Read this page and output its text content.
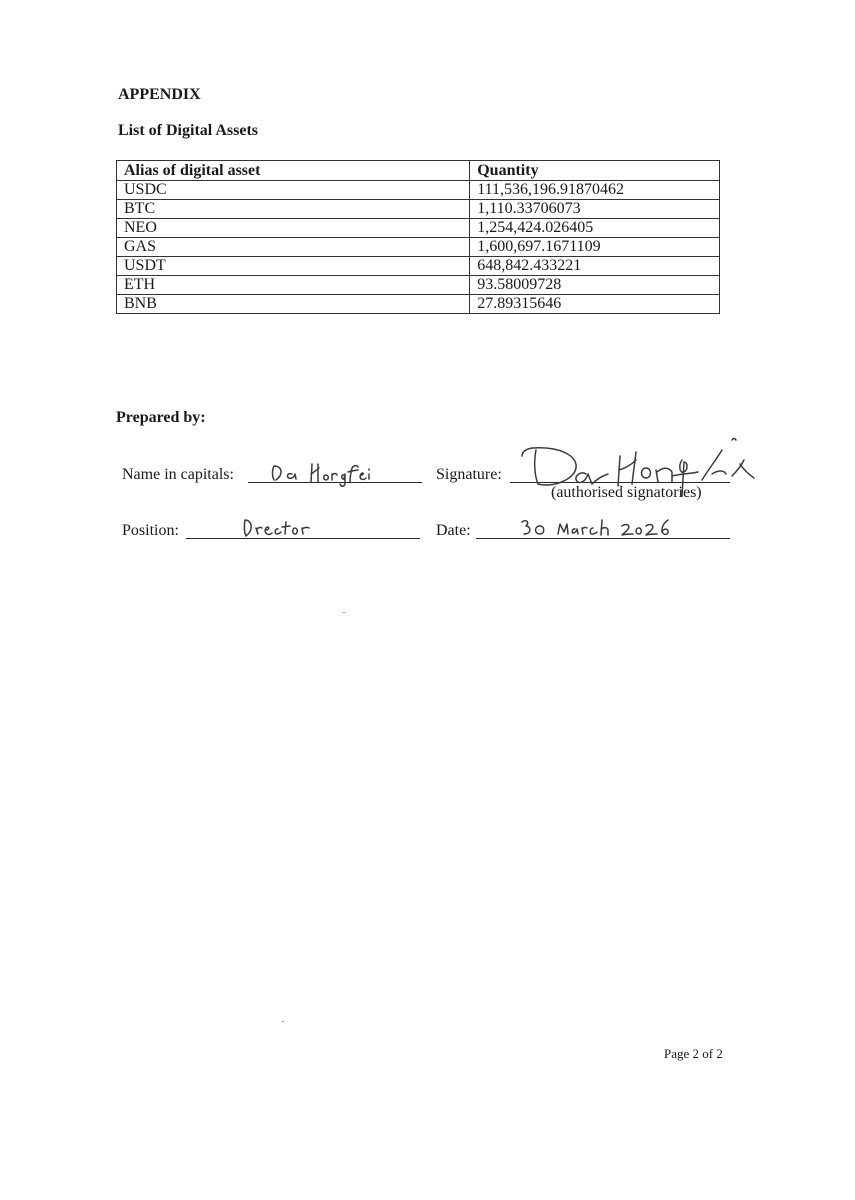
APPENDIX
List of Digital Assets
Alias of digital asset	Quantity
USDC	111,536,196.91870462
BTC	1,110.33706073
NEO	1,254,424.026405
GAS	1,600,697.1671109
USDT	648,842.433221
ETH	93.58009728
BNB	27.89315646
Prepared by:
Name in capitals:	Signature:
(authorised signatories)
Position:	Date:
Page 2 of 2
